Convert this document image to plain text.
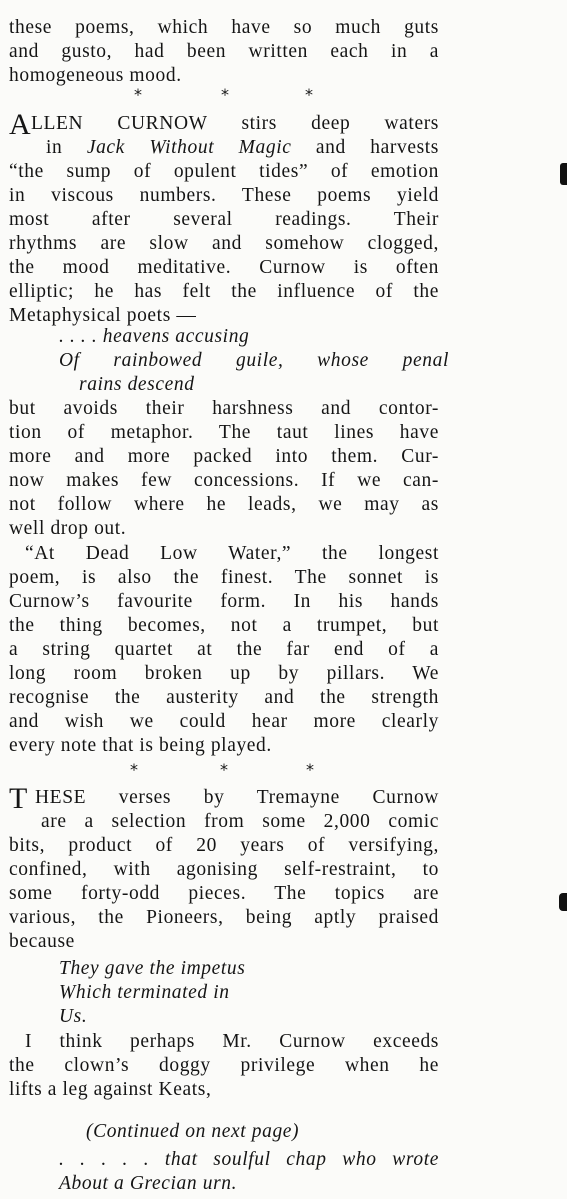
these poems, which have so much guts
and gusto, had been written each in a
homogeneous mood.
*	*	*
A LLEN CURNOW stirs deep waters
in Jack Without Magic and harvests
“the sump of opulent tides” of emotion
in viscous numbers. These poems yield
most after several readings. Their
rhythms are slow and somehow clogged,
the mood meditative. Curnow is often
elliptic; he has felt the influence of the
Metaphysical poets —
. . . . heavens accusing
Of rainbowed guile, whose penal
rains descend
but avoids their harshness and contor-
tion of metaphor. The taut lines have
more and more packed into them. Cur-
now makes few concessions. If we can-
not follow where he leads, we may as
well drop out.
“At Dead Low Water,” the longest
poem, is also the finest. The sonnet is
Curnow’s favourite form. In his hands
the thing becomes, not a trumpet, but
a string quartet at the far end of a
long room broken up by pillars. We
recognise the austerity and the strength
and wish we could hear more clearly
every note that is being played.
*	*	*
T HESE verses by Tremayne Curnow
are a selection from some 2,000 comic
bits, product of 20 years of versifying,
confined, with agonising self-restraint, to
some forty-odd pieces. The topics are
various, the Pioneers, being aptly praised
because
They gave the impetus
Which terminated in
Us.
I think perhaps Mr. Curnow exceeds
the clown’s doggy privilege when he
lifts a leg against Keats,
(Continued on next page)
. . . . . that soulful chap who wrote
About a Grecian urn.
